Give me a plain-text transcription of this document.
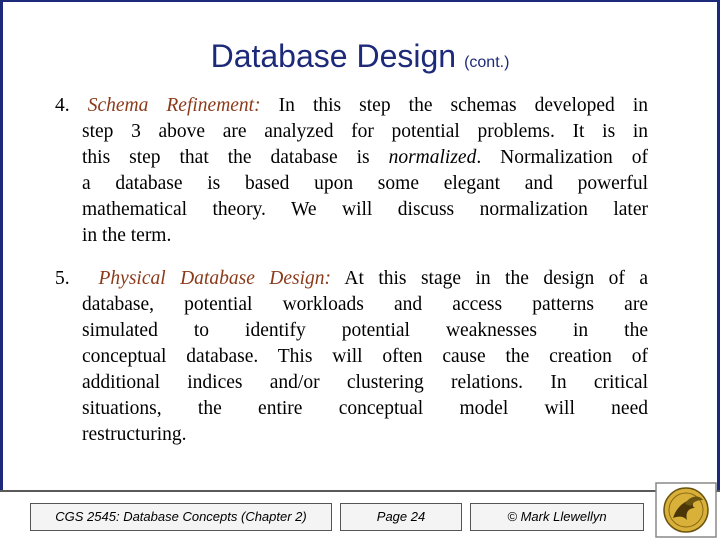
Database Design (cont.)
4. Schema Refinement: In this step the schemas developed in
step 3 above are analyzed for potential problems. It is in
this step that the database is normalized. Normalization of
a database is based upon some elegant and powerful
mathematical theory. We will discuss normalization later
in the term.
5. Physical Database Design: At this stage in the design of a
database, potential workloads and access patterns are
simulated to identify potential weaknesses in the
conceptual database. This will often cause the creation of
additional indices and/or clustering relations. In critical
situations, the entire conceptual model will need
restructuring.
CGS 2545: Database Concepts (Chapter 2)	Page 24	© Mark Llewellyn
